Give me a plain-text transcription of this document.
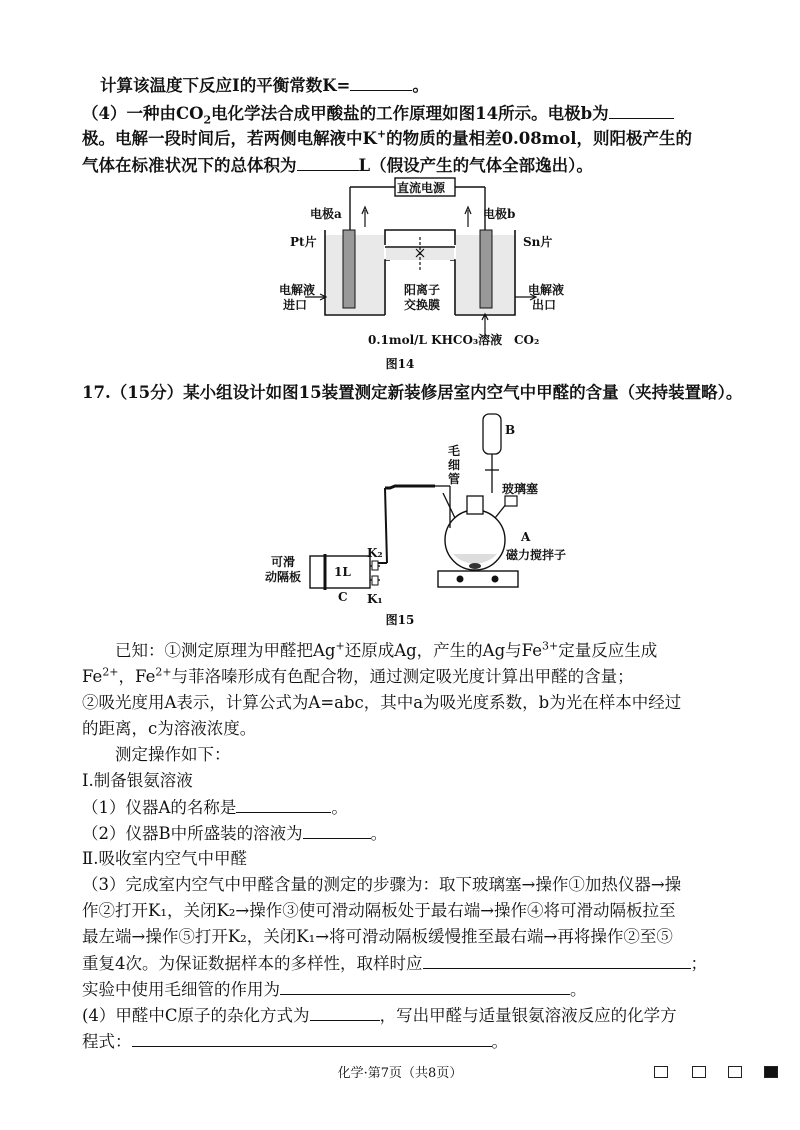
计算该温度下反应Ⅰ的平衡常数K=	。
（4）一种由$CO_2$电化学法合成甲酸盐的工作原理如图14所示。电极b为
极。电解一段时间后，若两侧电解液中K+的物质的量相差0.08mol，则阳极产生的
气体在标准状况下的总体积为	L（假设产生的气体全部逸出）。
直流电源
电极a	电极b
Pt片	Sn片
电解液
进口
电解液
出口
阳离子
交换膜
0.1mol/L KHCO₃溶液 CO₂
图14
17.（15分）某小组设计如图15装置测定新装修居室内空气中甲醛的含量（夹持装置略）。
B
毛
细
管
玻璃塞
A
磁力搅拌子
可滑
动隔板	1L
C
K₂
K₁
图15
已知：①测定原理为甲醛把Ag+还原成Ag，产生的Ag与$Fe^{3+}$定量反应生成
$Fe^{2+}$，$Fe^{2+}$与菲洛嗪形成有色配合物，通过测定吸光度计算出甲醛的含量；
②吸光度用A表示，计算公式为A=abc，其中a为吸光度系数，b为光在样本中经过
的距离，c为溶液浓度。
测定操作如下：
Ⅰ.制备银氨溶液
（1）仪器A的名称是	。
（2）仪器B中所盛装的溶液为	。
Ⅱ.吸收室内空气中甲醛
（3）完成室内空气中甲醛含量的测定的步骤为：取下玻璃塞→操作①加热仪器→操
作②打开K₁，关闭K₂→操作③使可滑动隔板处于最右端→操作④将可滑动隔板拉至
最左端→操作⑤打开K₂，关闭K₁→将可滑动隔板缓慢推至最右端→再将操作②至⑤
重复4次。为保证数据样本的多样性，取样时应	；
实验中使用毛细管的作用为	。
(4）甲醛中C原子的杂化方式为	，写出甲醛与适量银氨溶液反应的化学方
程式：	。
化学·第7页（共8页）
